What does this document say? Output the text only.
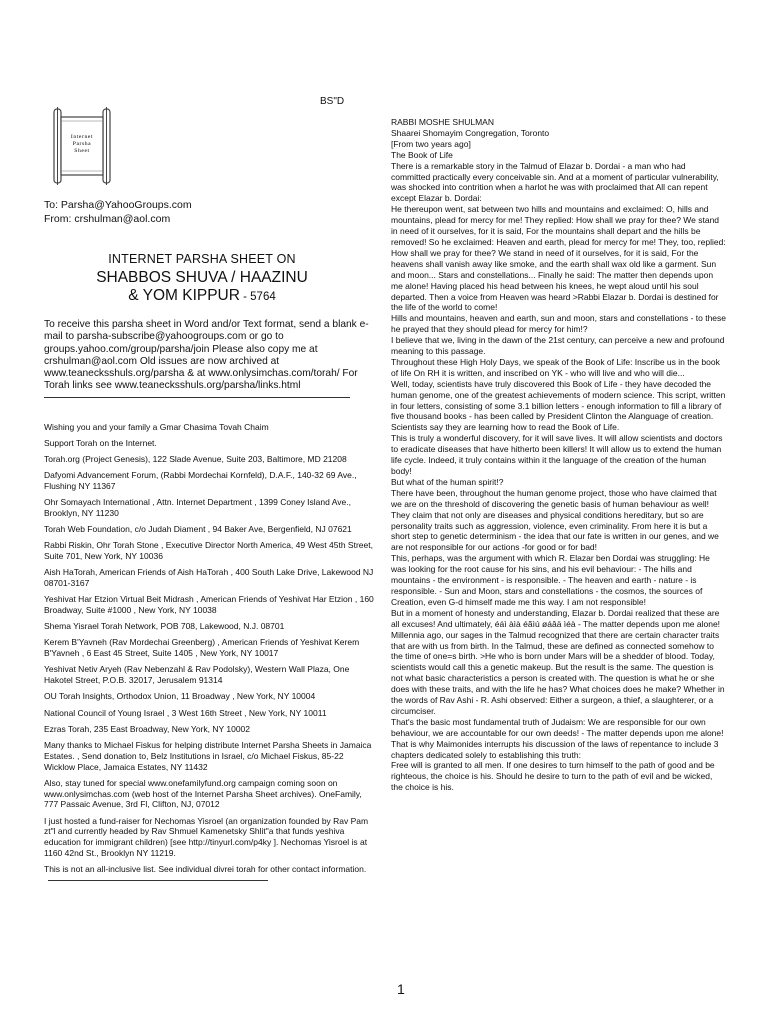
BS"D
Internet
Parsha
Sheet
To: Parsha@YahooGroups.com
From: crshulman@aol.com
INTERNET PARSHA SHEET ON
SHABBOS SHUVA / HAAZINU
& YOM KIPPUR - 5764
To receive this parsha sheet in Word and/or Text format, send a blank e-mail to parsha-subscribe@yahoogroups.com or go to groups.yahoo.com/group/parsha/join Please also copy me at crshulman@aol.com Old issues are now archived at www.teanecksshuls.org/parsha & at www.onlysimchas.com/torah/ For Torah links see www.teanecksshuls.org/parsha/links.html

Wishing you and your family a Gmar Chasima Tovah Chaim

Support Torah on the Internet.

Torah.org (Project Genesis), 122 Slade Avenue, Suite 203, Baltimore, MD 21208

Dafyomi Advancement Forum, (Rabbi Mordechai Kornfeld), D.A.F., 140-32 69 Ave., Flushing NY 11367

Ohr Somayach International , Attn. Internet Department , 1399 Coney Island Ave., Brooklyn, NY 11230

Torah Web Foundation, c/o Judah Diament , 94 Baker Ave, Bergenfield, NJ 07621

Rabbi Riskin, Ohr Torah Stone , Executive Director North America, 49 West 45th Street, Suite 701, New York, NY 10036

Aish HaTorah, American Friends of Aish HaTorah , 400 South Lake Drive, Lakewood NJ 08701-3167

Yeshivat Har Etzion Virtual Beit Midrash , American Friends of Yeshivat Har Etzion , 160 Broadway, Suite #1000 , New York, NY 10038

Shema Yisrael Torah Network, POB 708, Lakewood, N.J. 08701

Kerem B'Yavneh (Rav Mordechai Greenberg) , American Friends of Yeshivat Kerem B'Yavneh , 6 East 45 Street, Suite 1405 , New York, NY 10017

Yeshivat Netiv Aryeh (Rav Nebenzahl & Rav Podolsky), Western Wall Plaza, One Hakotel Street, P.O.B. 32017, Jerusalem 91314

OU Torah Insights, Orthodox Union, 11 Broadway , New York, NY 10004

National Council of Young Israel , 3 West 16th Street , New York, NY 10011

Ezras Torah, 235 East Broadway, New York, NY 10002

Many thanks to Michael Fiskus for helping distribute Internet Parsha Sheets in Jamaica Estates. , Send donation to, Belz Institutions in Israel, c/o Michael Fiskus, 85-22 Wicklow Place, Jamaica Estates, NY 11432

Also, stay tuned for special www.onefamilyfund.org campaign coming soon on www.onlysimchas.com (web host of the Internet Parsha Sheet archives). OneFamily, 777 Passaic Avenue, 3rd Fl, Clifton, NJ, 07012

I just hosted a fund-raiser for Nechomas Yisroel (an organization founded by Rav Pam zt"l and currently headed by Rav Shmuel Kamenetsky Shlit"a that funds yeshiva education for immigrant children) [see http://tinyurl.com/p4ky ]. Nechomas Yisroel is at 1160 42nd St., Brooklyn NY 11219.

This is not an all-inclusive list. See individual divrei torah for other contact information.

RABBI MOSHE SHULMAN

Shaarei Shomayim Congregation, Toronto

[From two years ago]

The Book of Life

There is a remarkable story in the Talmud of Elazar b. Dordai - a man who had committed practically every conceivable sin. And at a moment of particular vulnerability, was shocked into contrition when a harlot he was with proclaimed that All can repent except Elazar b. Dordai:

He thereupon went, sat between two hills and mountains and exclaimed: O, hills and mountains, plead for mercy for me! They replied: How shall we pray for thee? We stand in need of it ourselves, for it is said, For the mountains shall depart and the hills be removed! So he exclaimed: Heaven and earth, plead for mercy for me! They, too, replied: How shall we pray for thee? We stand in need of it ourselves, for it is said, For the heavens shall vanish away like smoke, and the earth shall wax old like a garment. Sun and moon... Stars and constellations... Finally he said: The matter then depends upon me alone! Having placed his head between his knees, he wept aloud until his soul departed. Then a voice from Heaven was heard >Rabbi Elazar b. Dordai is destined for the life of the world to come!

Hills and mountains, heaven and earth, sun and moon, stars and constellations - to these he prayed that they should plead for mercy for him!?

I believe that we, living in the dawn of the 21st century, can perceive a new and profound meaning to this passage.

Throughout these High Holy Days, we speak of the Book of Life: Inscribe us in the book of life On RH it is written, and inscribed on YK - who will live and who will die...

Well, today, scientists have truly discovered this Book of Life - they have decoded the human genome, one of the greatest achievements of modern science. This script, written in four letters, consisting of some 3.1 billion letters - enough information to fill a library of five thousand books - has been called by President Clinton the Alanguage of creation. Scientists say they are learning how to read the Book of Life.

This is truly a wonderful discovery, for it will save lives. It will allow scientists and doctors to eradicate diseases that have hitherto been killers! It will allow us to extend the human life cycle. Indeed, it truly contains within it the language of the creation of the human body!

But what of the human spirit!?

There have been, throughout the human genome project, those who have claimed that we are on the threshold of discovering the genetic basis of human behaviour as well! They claim that not only are diseases and physical conditions hereditary, but so are personality traits such as aggression, violence, even criminality. From here it is but a short step to genetic determinism - the idea that our fate is written in our genes, and we are not responsible for our actions -for good or for bad!

This, perhaps, was the argument with which R. Elazar ben Dordai was struggling: He was looking for the root cause for his sins, and his evil behaviour: - The hills and mountains - the environment - is responsible. - The heaven and earth - nature - is responsible. - Sun and Moon, stars and constellations - the cosmos, the sources of Creation, even G-d himself made me this way. I am not responsible!

But in a moment of honesty and understanding, Elazar b. Dordai realized that these are all excuses! And ultimately, éáì àìà éãìú øáâä ìéà - The matter depends upon me alone!

Millennia ago, our sages in the Talmud recognized that there are certain character traits that are with us from birth. In the Talmud, these are defined as connected somehow to the time of one=s birth. >He who is born under Mars will be a shedder of blood. Today, scientists would call this a genetic makeup. But the result is the same. The question is not what basic characteristics a person is created with. The question is what he or she does with these traits, and with the life he has? What choices does he make? Whether in the words of Rav Ashi - R. Ashi observed: Either a surgeon, a thief, a slaughterer, or a circumciser.

That's the basic most fundamental truth of Judaism: We are responsible for our own behaviour, we are accountable for our own deeds! - The matter depends upon me alone!

That is why Maimonides interrupts his discussion of the laws of repentance to include 3 chapters dedicated solely to establishing this truth:

Free will is granted to all men. If one desires to turn himself to the path of good and be righteous, the choice is his. Should he desire to turn to the path of evil and be wicked, the choice is his.

1
